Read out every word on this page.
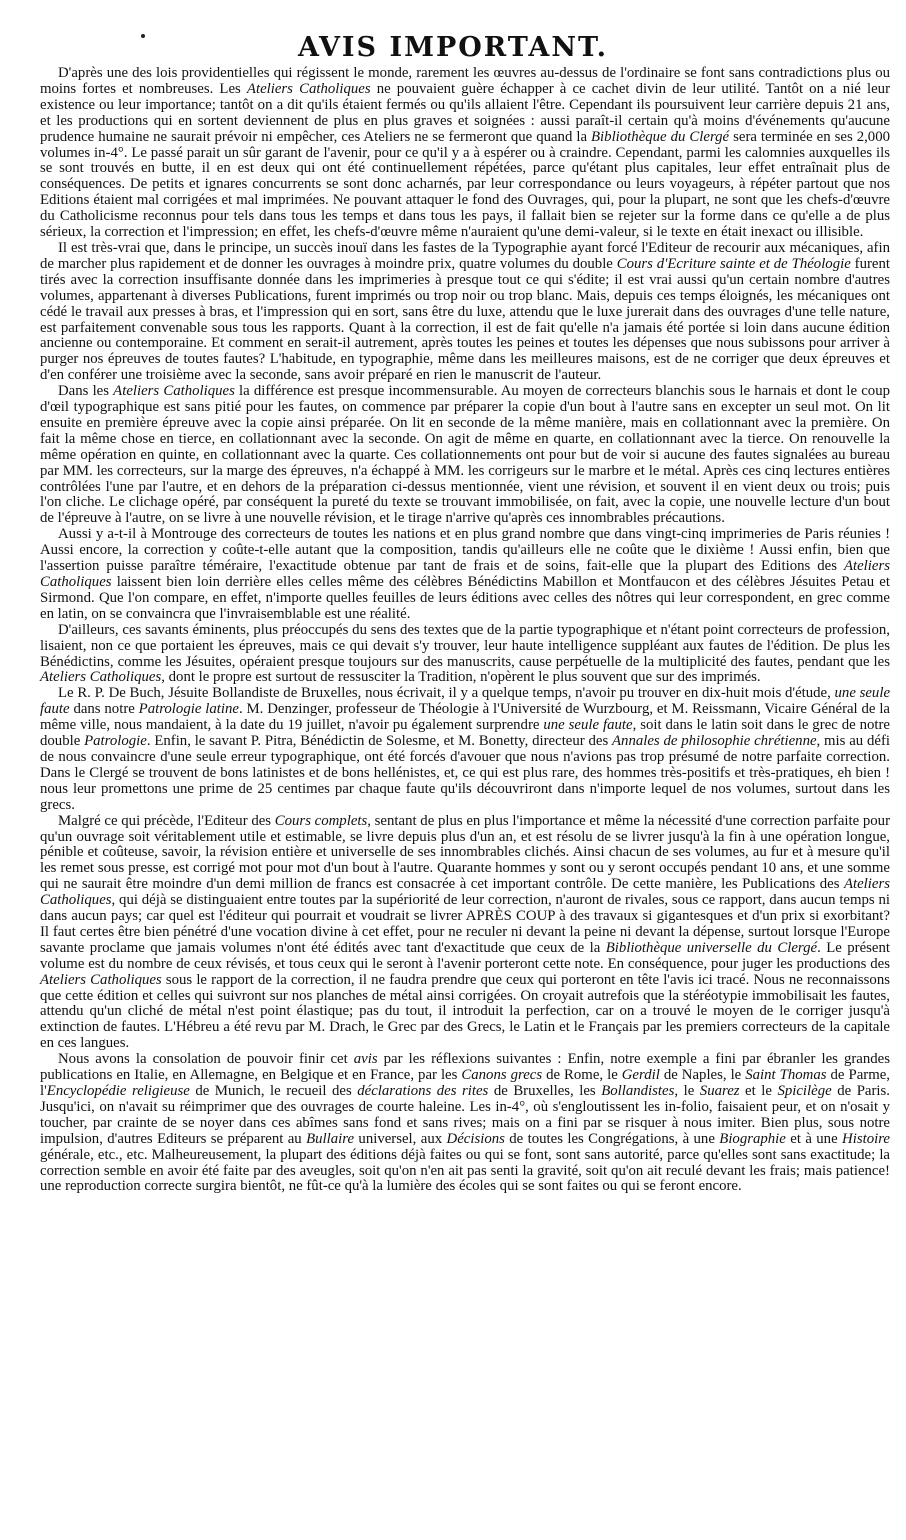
AVIS IMPORTANT.

D'après une des lois providentielles qui régissent le monde, rarement les œuvres au-dessus de l'ordinaire se font sans contradictions plus ou moins fortes et nombreuses. Les Ateliers Catholiques ne pouvaient guère échapper à ce cachet divin de leur utilité. Tantôt on a nié leur existence ou leur importance; tantôt on a dit qu'ils étaient fermés ou qu'ils allaient l'être. Cependant ils poursuivent leur carrière depuis 21 ans, et les productions qui en sortent deviennent de plus en plus graves et soignées : aussi paraît-il certain qu'à moins d'événements qu'aucune prudence humaine ne saurait prévoir ni empêcher, ces Ateliers ne se fermeront que quand la Bibliothèque du Clergé sera terminée en ses 2,000 volumes in-4°. Le passé parait un sûr garant de l'avenir, pour ce qu'il y a à espérer ou à craindre. Cependant, parmi les calomnies auxquelles ils se sont trouvés en butte, il en est deux qui ont été continuellement répétées, parce qu'étant plus capitales, leur effet entraînait plus de conséquences. De petits et ignares concurrents se sont donc acharnés, par leur correspondance ou leurs voyageurs, à répéter partout que nos Editions étaient mal corrigées et mal imprimées. Ne pouvant attaquer le fond des Ouvrages, qui, pour la plupart, ne sont que les chefs-d'œuvre du Catholicisme reconnus pour tels dans tous les temps et dans tous les pays, il fallait bien se rejeter sur la forme dans ce qu'elle a de plus sérieux, la correction et l'impression; en effet, les chefs-d'œuvre même n'auraient qu'une demi-valeur, si le texte en était inexact ou illisible.

Il est très-vrai que, dans le principe, un succès inouï dans les fastes de la Typographie ayant forcé l'Editeur de recourir aux mécaniques, afin de marcher plus rapidement et de donner les ouvrages à moindre prix, quatre volumes du double Cours d'Ecriture sainte et de Théologie furent tirés avec la correction insuffisante donnée dans les imprimeries à presque tout ce qui s'édite; il est vrai aussi qu'un certain nombre d'autres volumes, appartenant à diverses Publications, furent imprimés ou trop noir ou trop blanc. Mais, depuis ces temps éloignés, les mécaniques ont cédé le travail aux presses à bras, et l'impression qui en sort, sans être du luxe, attendu que le luxe jurerait dans des ouvrages d'une telle nature, est parfaitement convenable sous tous les rapports. Quant à la correction, il est de fait qu'elle n'a jamais été portée si loin dans aucune édition ancienne ou contemporaine. Et comment en serait-il autrement, après toutes les peines et toutes les dépenses que nous subissons pour arriver à purger nos épreuves de toutes fautes? L'habitude, en typographie, même dans les meilleures maisons, est de ne corriger que deux épreuves et d'en conférer une troisième avec la seconde, sans avoir préparé en rien le manuscrit de l'auteur.

Dans les Ateliers Catholiques la différence est presque incommensurable. Au moyen de correcteurs blanchis sous le harnais et dont le coup d'œil typographique est sans pitié pour les fautes, on commence par préparer la copie d'un bout à l'autre sans en excepter un seul mot. On lit ensuite en première épreuve avec la copie ainsi préparée. On lit en seconde de la même manière, mais en collationnant avec la première. On fait la même chose en tierce, en collationnant avec la seconde. On agit de même en quarte, en collationnant avec la tierce. On renouvelle la même opération en quinte, en collationnant avec la quarte. Ces collationnements ont pour but de voir si aucune des fautes signalées au bureau par MM. les correcteurs, sur la marge des épreuves, n'a échappé à MM. les corrigeurs sur le marbre et le métal. Après ces cinq lectures entières contrôlées l'une par l'autre, et en dehors de la préparation ci-dessus mentionnée, vient une révision, et souvent il en vient deux ou trois; puis l'on cliche. Le clichage opéré, par conséquent la pureté du texte se trouvant immobilisée, on fait, avec la copie, une nouvelle lecture d'un bout de l'épreuve à l'autre, on se livre à une nouvelle révision, et le tirage n'arrive qu'après ces innombrables précautions.

Aussi y a-t-il à Montrouge des correcteurs de toutes les nations et en plus grand nombre que dans vingt-cinq imprimeries de Paris réunies ! Aussi encore, la correction y coûte-t-elle autant que la composition, tandis qu'ailleurs elle ne coûte que le dixième ! Aussi enfin, bien que l'assertion puisse paraître téméraire, l'exactitude obtenue par tant de frais et de soins, fait-elle que la plupart des Editions des Ateliers Catholiques laissent bien loin derrière elles celles même des célèbres Bénédictins Mabillon et Montfaucon et des célèbres Jésuites Petau et Sirmond. Que l'on compare, en effet, n'importe quelles feuilles de leurs éditions avec celles des nôtres qui leur correspondent, en grec comme en latin, on se convaincra que l'invraisemblable est une réalité.

D'ailleurs, ces savants éminents, plus préoccupés du sens des textes que de la partie typographique et n'étant point correcteurs de profession, lisaient, non ce que portaient les épreuves, mais ce qui devait s'y trouver, leur haute intelligence suppléant aux fautes de l'édition. De plus les Bénédictins, comme les Jésuites, opéraient presque toujours sur des manuscrits, cause perpétuelle de la multiplicité des fautes, pendant que les Ateliers Catholiques, dont le propre est surtout de ressusciter la Tradition, n'opèrent le plus souvent que sur des imprimés.

Le R. P. De Buch, Jésuite Bollandiste de Bruxelles, nous écrivait, il y a quelque temps, n'avoir pu trouver en dix-huit mois d'étude, une seule faute dans notre Patrologie latine. M. Denzinger, professeur de Théologie à l'Université de Wurzbourg, et M. Reissmann, Vicaire Général de la même ville, nous mandaient, à la date du 19 juillet, n'avoir pu également surprendre une seule faute, soit dans le latin soit dans le grec de notre double Patrologie. Enfin, le savant P. Pitra, Bénédictin de Solesme, et M. Bonetty, directeur des Annales de philosophie chrétienne, mis au défi de nous convaincre d'une seule erreur typographique, ont été forcés d'avouer que nous n'avions pas trop présumé de notre parfaite correction. Dans le Clergé se trouvent de bons latinistes et de bons hellénistes, et, ce qui est plus rare, des hommes très-positifs et très-pratiques, eh bien ! nous leur promettons une prime de 25 centimes par chaque faute qu'ils découvriront dans n'importe lequel de nos volumes, surtout dans les grecs.

Malgré ce qui précède, l'Editeur des Cours complets, sentant de plus en plus l'importance et même la nécessité d'une correction parfaite pour qu'un ouvrage soit véritablement utile et estimable, se livre depuis plus d'un an, et est résolu de se livrer jusqu'à la fin à une opération longue, pénible et coûteuse, savoir, la révision entière et universelle de ses innombrables clichés. Ainsi chacun de ses volumes, au fur et à mesure qu'il les remet sous presse, est corrigé mot pour mot d'un bout à l'autre. Quarante hommes y sont ou y seront occupés pendant 10 ans, et une somme qui ne saurait être moindre d'un demi million de francs est consacrée à cet important contrôle. De cette manière, les Publications des Ateliers Catholiques, qui déjà se distinguaient entre toutes par la supériorité de leur correction, n'auront de rivales, sous ce rapport, dans aucun temps ni dans aucun pays; car quel est l'éditeur qui pourrait et voudrait se livrer APRÈS COUP à des travaux si gigantesques et d'un prix si exorbitant? Il faut certes être bien pénétré d'une vocation divine à cet effet, pour ne reculer ni devant la peine ni devant la dépense, surtout lorsque l'Europe savante proclame que jamais volumes n'ont été édités avec tant d'exactitude que ceux de la Bibliothèque universelle du Clergé. Le présent volume est du nombre de ceux révisés, et tous ceux qui le seront à l'avenir porteront cette note. En conséquence, pour juger les productions des Ateliers Catholiques sous le rapport de la correction, il ne faudra prendre que ceux qui porteront en tête l'avis ici tracé. Nous ne reconnaissons que cette édition et celles qui suivront sur nos planches de métal ainsi corrigées. On croyait autrefois que la stéréotypie immobilisait les fautes, attendu qu'un cliché de métal n'est point élastique; pas du tout, il introduit la perfection, car on a trouvé le moyen de le corriger jusqu'à extinction de fautes. L'Hébreu a été revu par M. Drach, le Grec par des Grecs, le Latin et le Français par les premiers correcteurs de la capitale en ces langues.

Nous avons la consolation de pouvoir finir cet avis par les réflexions suivantes : Enfin, notre exemple a fini par ébranler les grandes publications en Italie, en Allemagne, en Belgique et en France, par les Canons grecs de Rome, le Gerdil de Naples, le Saint Thomas de Parme, l'Encyclopédie religieuse de Munich, le recueil des déclarations des rites de Bruxelles, les Bollandistes, le Suarez et le Spicilège de Paris. Jusqu'ici, on n'avait su réimprimer que des ouvrages de courte haleine. Les in-4°, où s'engloutissent les in-folio, faisaient peur, et on n'osait y toucher, par crainte de se noyer dans ces abîmes sans fond et sans rives; mais on a fini par se risquer à nous imiter. Bien plus, sous notre impulsion, d'autres Editeurs se préparent au Bullaire universel, aux Décisions de toutes les Congrégations, à une Biographie et à une Histoire générale, etc., etc. Malheureusement, la plupart des éditions déjà faites ou qui se font, sont sans autorité, parce qu'elles sont sans exactitude; la correction semble en avoir été faite par des aveugles, soit qu'on n'en ait pas senti la gravité, soit qu'on ait reculé devant les frais; mais patience! une reproduction correcte surgira bientôt, ne fût-ce qu'à la lumière des écoles qui se sont faites ou qui se feront encore.
